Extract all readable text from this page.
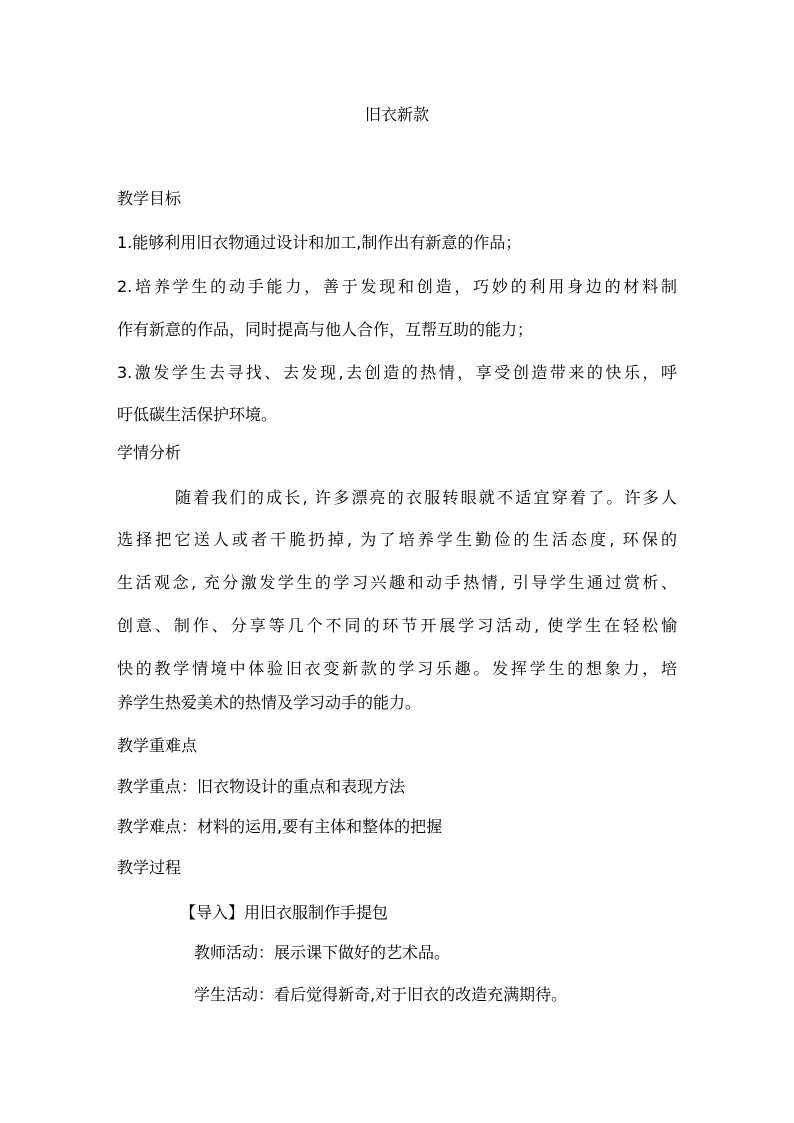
旧衣新款
教学目标
1.能够利用旧衣物通过设计和加工,制作出有新意的作品；
2.培养学生的动手能力，善于发现和创造，巧妙的利用身边的材料制
作有新意的作品，同时提高与他人合作，互帮互助的能力；
3.激发学生去寻找、去发现,去创造的热情，享受创造带来的快乐，呼
吁低碳生活保护环境。
学情分析
随着我们的成长, 许多漂亮的衣服转眼就不适宜穿着了。许多人
选择把它送人或者干脆扔掉, 为了培养学生勤俭的生活态度, 环保的
生活观念, 充分激发学生的学习兴趣和动手热情, 引导学生通过赏析、
创意、制作、分享等几个不同的环节开展学习活动, 使学生在轻松愉
快的教学情境中体验旧衣变新款的学习乐趣。发挥学生的想象力，培
养学生热爱美术的热情及学习动手的能力。
教学重难点
教学重点：旧衣物设计的重点和表现方法
教学难点：材料的运用,要有主体和整体的把握
教学过程
【导入】用旧衣服制作手提包
教师活动：展示课下做好的艺术品。
学生活动：看后觉得新奇,对于旧衣的改造充满期待。
